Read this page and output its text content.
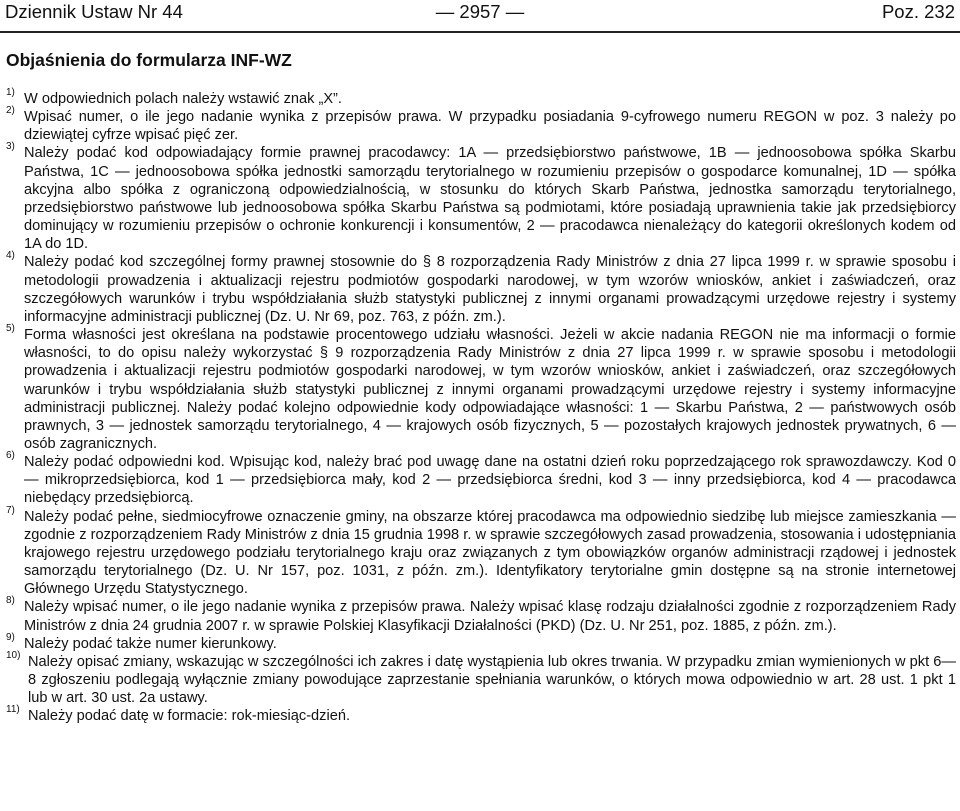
Dziennik Ustaw Nr 44	— 2957 —	Poz. 232
Objaśnienia do formularza INF-WZ
1) W odpowiednich polach należy wstawić znak „X”.
2) Wpisać numer, o ile jego nadanie wynika z przepisów prawa. W przypadku posiadania 9-cyfrowego numeru REGON w poz. 3 należy po dziewiątej cyfrze wpisać pięć zer.
3) Należy podać kod odpowiadający formie prawnej pracodawcy: 1A — przedsiębiorstwo państwowe, 1B — jednoosobowa spółka Skarbu Państwa, 1C — jednoosobowa spółka jednostki samorządu terytorialnego w rozumieniu przepisów o gospodarce komunalnej, 1D — spółka akcyjna albo spółka z ograniczoną odpowiedzialnością, w stosunku do których Skarb Państwa, jednostka samorządu terytorialnego, przedsiębiorstwo państwowe lub jednoosobowa spółka Skarbu Państwa są podmiotami, które posiadają uprawnienia takie jak przedsiębiorcy dominujący w rozumieniu przepisów o ochronie konkurencji i konsumentów, 2 — pracodawca nienależący do kategorii określonych kodem od 1A do 1D.
4) Należy podać kod szczególnej formy prawnej stosownie do § 8 rozporządzenia Rady Ministrów z dnia 27 lipca 1999 r. w sprawie sposobu i metodologii prowadzenia i aktualizacji rejestru podmiotów gospodarki narodowej, w tym wzorów wniosków, ankiet i zaświadczeń, oraz szczegółowych warunków i trybu współdziałania służb statystyki publicznej z innymi organami prowadzącymi urzędowe rejestry i systemy informacyjne administracji publicznej (Dz. U. Nr 69, poz. 763, z późn. zm.).
5) Forma własności jest określana na podstawie procentowego udziału własności. Jeżeli w akcie nadania REGON nie ma informacji o formie własności, to do opisu należy wykorzystać § 9 rozporządzenia Rady Ministrów z dnia 27 lipca 1999 r. w sprawie sposobu i metodologii prowadzenia i aktualizacji rejestru podmiotów gospodarki narodowej, w tym wzorów wniosków, ankiet i zaświadczeń, oraz szczegółowych warunków i trybu współdziałania służb statystyki publicznej z innymi organami prowadzącymi urzędowe rejestry i systemy informacyjne administracji publicznej. Należy podać kolejno odpowiednie kody odpowiadające własności: 1 — Skarbu Państwa, 2 — państwowych osób prawnych, 3 — jednostek samorządu terytorialnego, 4 — krajowych osób fizycznych, 5 — pozostałych krajowych jednostek prywatnych, 6 — osób zagranicznych.
6) Należy podać odpowiedni kod. Wpisując kod, należy brać pod uwagę dane na ostatni dzień roku poprzedzającego rok sprawozdawczy. Kod 0 — mikroprzedsiębiorca, kod 1 — przedsiębiorca mały, kod 2 — przedsiębiorca średni, kod 3 — inny przedsiębiorca, kod 4 — pracodawca niebędący przedsiębiorcą.
7) Należy podać pełne, siedmiocyfrowe oznaczenie gminy, na obszarze której pracodawca ma odpowiednio siedzibę lub miejsce zamieszkania — zgodnie z rozporządzeniem Rady Ministrów z dnia 15 grudnia 1998 r. w sprawie szczegółowych zasad prowadzenia, stosowania i udostępniania krajowego rejestru urzędowego podziału terytorialnego kraju oraz związanych z tym obowiązków organów administracji rządowej i jednostek samorządu terytorialnego (Dz. U. Nr 157, poz. 1031, z późn. zm.). Identyfikatory terytorialne gmin dostępne są na stronie internetowej Głównego Urzędu Statystycznego.
8) Należy wpisać numer, o ile jego nadanie wynika z przepisów prawa. Należy wpisać klasę rodzaju działalności zgodnie z rozporządzeniem Rady Ministrów z dnia 24 grudnia 2007 r. w sprawie Polskiej Klasyfikacji Działalności (PKD) (Dz. U. Nr 251, poz. 1885, z późn. zm.).
9) Należy podać także numer kierunkowy.
10) Należy opisać zmiany, wskazując w szczególności ich zakres i datę wystąpienia lub okres trwania. W przypadku zmian wymienionych w pkt 6—8 zgłoszeniu podlegają wyłącznie zmiany powodujące zaprzestanie spełniania warunków, o których mowa odpowiednio w art. 28 ust. 1 pkt 1 lub w art. 30 ust. 2a ustawy.
11) Należy podać datę w formacie: rok-miesiąc-dzień.
